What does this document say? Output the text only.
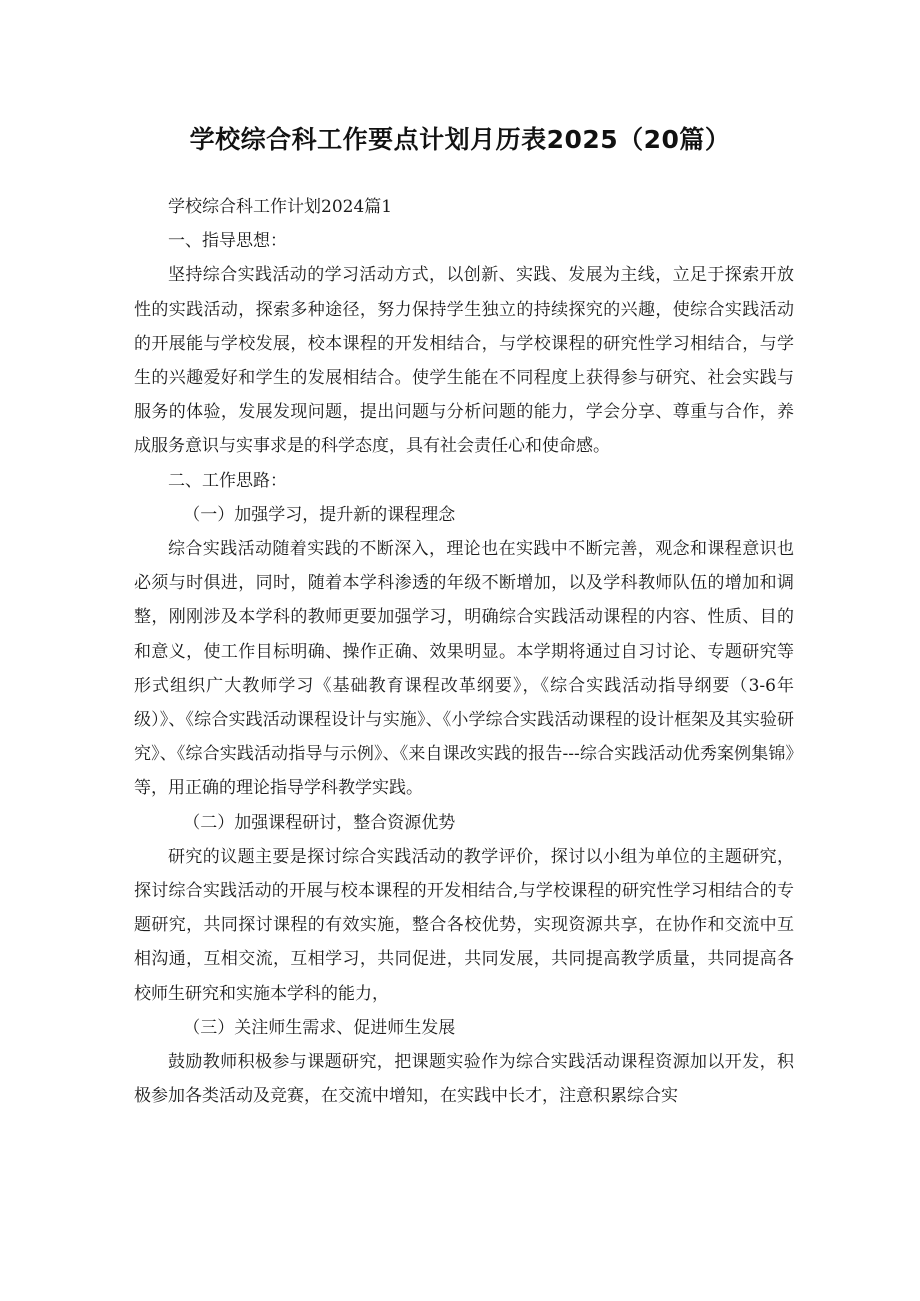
学校综合科工作要点计划月历表2025（20篇）

学校综合科工作计划2024篇1

一、指导思想：

坚持综合实践活动的学习活动方式，以创新、实践、发展为主线，立足于探索开放性的实践活动，探索多种途径，努力保持学生独立的持续探究的兴趣，使综合实践活动的开展能与学校发展，校本课程的开发相结合，与学校课程的研究性学习相结合，与学生的兴趣爱好和学生的发展相结合。使学生能在不同程度上获得参与研究、社会实践与服务的体验，发展发现问题，提出问题与分析问题的能力，学会分享、尊重与合作，养成服务意识与实事求是的科学态度，具有社会责任心和使命感。

二、工作思路：

（一）加强学习，提升新的课程理念

综合实践活动随着实践的不断深入，理论也在实践中不断完善，观念和课程意识也必须与时俱进，同时，随着本学科渗透的年级不断增加，以及学科教师队伍的增加和调整，刚刚涉及本学科的教师更要加强学习，明确综合实践活动课程的内容、性质、目的和意义，使工作目标明确、操作正确、效果明显。本学期将通过自习讨论、专题研究等形式组织广大教师学习《基础教育课程改革纲要》，《综合实践活动指导纲要（3-6年级）》、《综合实践活动课程设计与实施》、《小学综合实践活动课程的设计框架及其实验研究》、《综合实践活动指导与示例》、《来自课改实践的报告---综合实践活动优秀案例集锦》等，用正确的理论指导学科教学实践。

（二）加强课程研讨，整合资源优势

研究的议题主要是探讨综合实践活动的教学评价，探讨以小组为单位的主题研究，探讨综合实践活动的开展与校本课程的开发相结合,与学校课程的研究性学习相结合的专题研究，共同探讨课程的有效实施，整合各校优势，实现资源共享，在协作和交流中互相沟通，互相交流，互相学习，共同促进，共同发展，共同提高教学质量，共同提高各校师生研究和实施本学科的能力，

（三）关注师生需求、促进师生发展

鼓励教师积极参与课题研究，把课题实验作为综合实践活动课程资源加以开发，积极参加各类活动及竞赛，在交流中增知，在实践中长才，注意积累综合实
